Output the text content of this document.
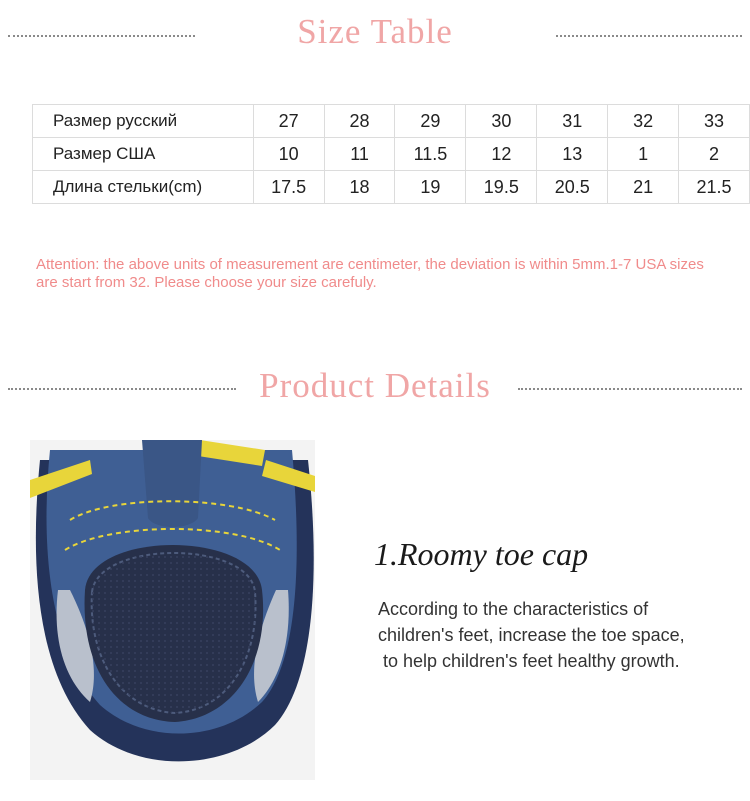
Size Table
Размер русский	27	28	29	30	31	32	33
Размер США	10	11	11.5	12	13	1	2
Длина стельки(cm)	17.5	18	19	19.5	20.5	21	21.5
Attention: the above units of measurement are centimeter, the deviation is within 5mm.1-7 USA sizes are start from 32. Please choose your size carefuly.
Product Details
1.Roomy toe cap
According to the characteristics of
children's feet, increase the toe space,
to help children's feet healthy growth.
